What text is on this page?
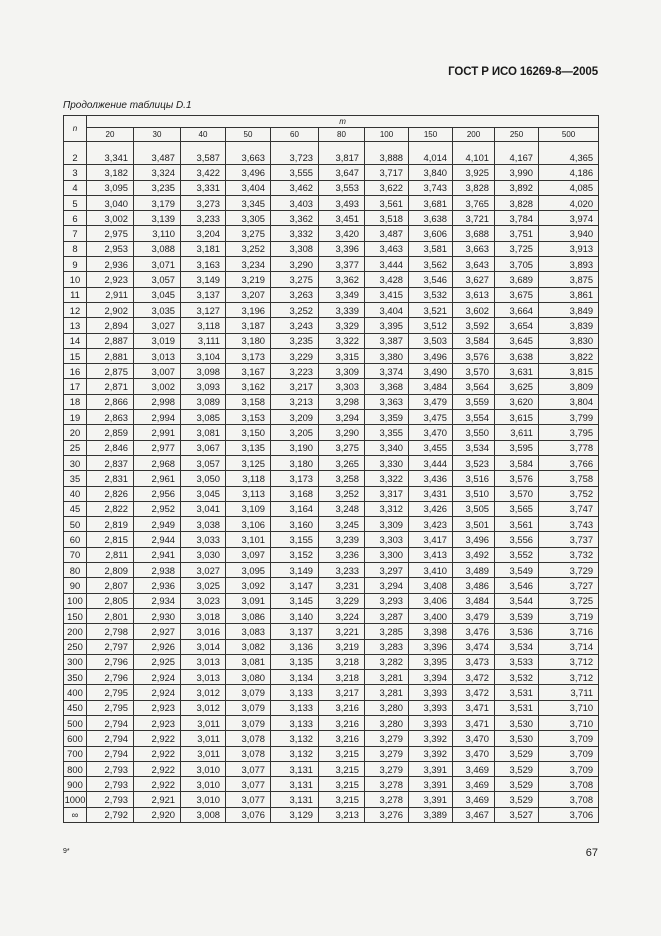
ГОСТ Р ИСО 16269-8—2005
Продолжение таблицы D.1
n	m										
	20	30	40	50	60	80	100	150	200	250	500

2	3,341	3,487	3,587	3,663	3,723	3,817	3,888	4,014	4,101	4,167	4,365
3	3,182	3,324	3,422	3,496	3,555	3,647	3,717	3,840	3,925	3,990	4,186
4	3,095	3,235	3,331	3,404	3,462	3,553	3,622	3,743	3,828	3,892	4,085
5	3,040	3,179	3,273	3,345	3,403	3,493	3,561	3,681	3,765	3,828	4,020
6	3,002	3,139	3,233	3,305	3,362	3,451	3,518	3,638	3,721	3,784	3,974
7	2,975	3,110	3,204	3,275	3,332	3,420	3,487	3,606	3,688	3,751	3,940
8	2,953	3,088	3,181	3,252	3,308	3,396	3,463	3,581	3,663	3,725	3,913
9	2,936	3,071	3,163	3,234	3,290	3,377	3,444	3,562	3,643	3,705	3,893
10	2,923	3,057	3,149	3,219	3,275	3,362	3,428	3,546	3,627	3,689	3,875
11	2,911	3,045	3,137	3,207	3,263	3,349	3,415	3,532	3,613	3,675	3,861
12	2,902	3,035	3,127	3,196	3,252	3,339	3,404	3,521	3,602	3,664	3,849
13	2,894	3,027	3,118	3,187	3,243	3,329	3,395	3,512	3,592	3,654	3,839
14	2,887	3,019	3,111	3,180	3,235	3,322	3,387	3,503	3,584	3,645	3,830
15	2,881	3,013	3,104	3,173	3,229	3,315	3,380	3,496	3,576	3,638	3,822
16	2,875	3,007	3,098	3,167	3,223	3,309	3,374	3,490	3,570	3,631	3,815
17	2,871	3,002	3,093	3,162	3,217	3,303	3,368	3,484	3,564	3,625	3,809
18	2,866	2,998	3,089	3,158	3,213	3,298	3,363	3,479	3,559	3,620	3,804
19	2,863	2,994	3,085	3,153	3,209	3,294	3,359	3,475	3,554	3,615	3,799
20	2,859	2,991	3,081	3,150	3,205	3,290	3,355	3,470	3,550	3,611	3,795
25	2,846	2,977	3,067	3,135	3,190	3,275	3,340	3,455	3,534	3,595	3,778
30	2,837	2,968	3,057	3,125	3,180	3,265	3,330	3,444	3,523	3,584	3,766
35	2,831	2,961	3,050	3,118	3,173	3,258	3,322	3,436	3,516	3,576	3,758
40	2,826	2,956	3,045	3,113	3,168	3,252	3,317	3,431	3,510	3,570	3,752
45	2,822	2,952	3,041	3,109	3,164	3,248	3,312	3,426	3,505	3,565	3,747
50	2,819	2,949	3,038	3,106	3,160	3,245	3,309	3,423	3,501	3,561	3,743
60	2,815	2,944	3,033	3,101	3,155	3,239	3,303	3,417	3,496	3,556	3,737
70	2,811	2,941	3,030	3,097	3,152	3,236	3,300	3,413	3,492	3,552	3,732
80	2,809	2,938	3,027	3,095	3,149	3,233	3,297	3,410	3,489	3,549	3,729
90	2,807	2,936	3,025	3,092	3,147	3,231	3,294	3,408	3,486	3,546	3,727
100	2,805	2,934	3,023	3,091	3,145	3,229	3,293	3,406	3,484	3,544	3,725
150	2,801	2,930	3,018	3,086	3,140	3,224	3,287	3,400	3,479	3,539	3,719
200	2,798	2,927	3,016	3,083	3,137	3,221	3,285	3,398	3,476	3,536	3,716
250	2,797	2,926	3,014	3,082	3,136	3,219	3,283	3,396	3,474	3,534	3,714
300	2,796	2,925	3,013	3,081	3,135	3,218	3,282	3,395	3,473	3,533	3,712
350	2,796	2,924	3,013	3,080	3,134	3,218	3,281	3,394	3,472	3,532	3,712
400	2,795	2,924	3,012	3,079	3,133	3,217	3,281	3,393	3,472	3,531	3,711
450	2,795	2,923	3,012	3,079	3,133	3,216	3,280	3,393	3,471	3,531	3,710
500	2,794	2,923	3,011	3,079	3,133	3,216	3,280	3,393	3,471	3,530	3,710
600	2,794	2,922	3,011	3,078	3,132	3,216	3,279	3,392	3,470	3,530	3,709
700	2,794	2,922	3,011	3,078	3,132	3,215	3,279	3,392	3,470	3,529	3,709
800	2,793	2,922	3,010	3,077	3,131	3,215	3,279	3,391	3,469	3,529	3,709
900	2,793	2,922	3,010	3,077	3,131	3,215	3,278	3,391	3,469	3,529	3,708
1000	2,793	2,921	3,010	3,077	3,131	3,215	3,278	3,391	3,469	3,529	3,708
∞	2,792	2,920	3,008	3,076	3,129	3,213	3,276	3,389	3,467	3,527	3,706
9*	67
